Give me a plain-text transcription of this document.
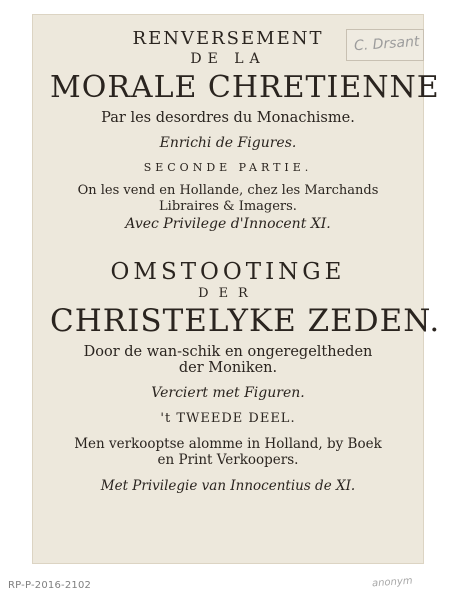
RENVERSEMENT
DE LA
MORALE CHRETIENNE
Par les desordres du Monachisme.
Enrichi de Figures.
SECONDE PARTIE.
On les vend en Hollande, chez les Marchands
Libraires & Imagers.
Avec Privilege d'Innocent XI.
OMSTOOTINGE
DER
CHRISTELYKE ZEDEN.
Door de wan-schik en ongeregeltheden
der Moniken.
Verciert met Figuren.
't TWEEDE DEEL.
Men verkooptse alomme in Holland, by Boek
en Print Verkoopers.
Met Privilegie van Innocentius de XI.
C. Drsant
RP-P-2016-2102	anonym
